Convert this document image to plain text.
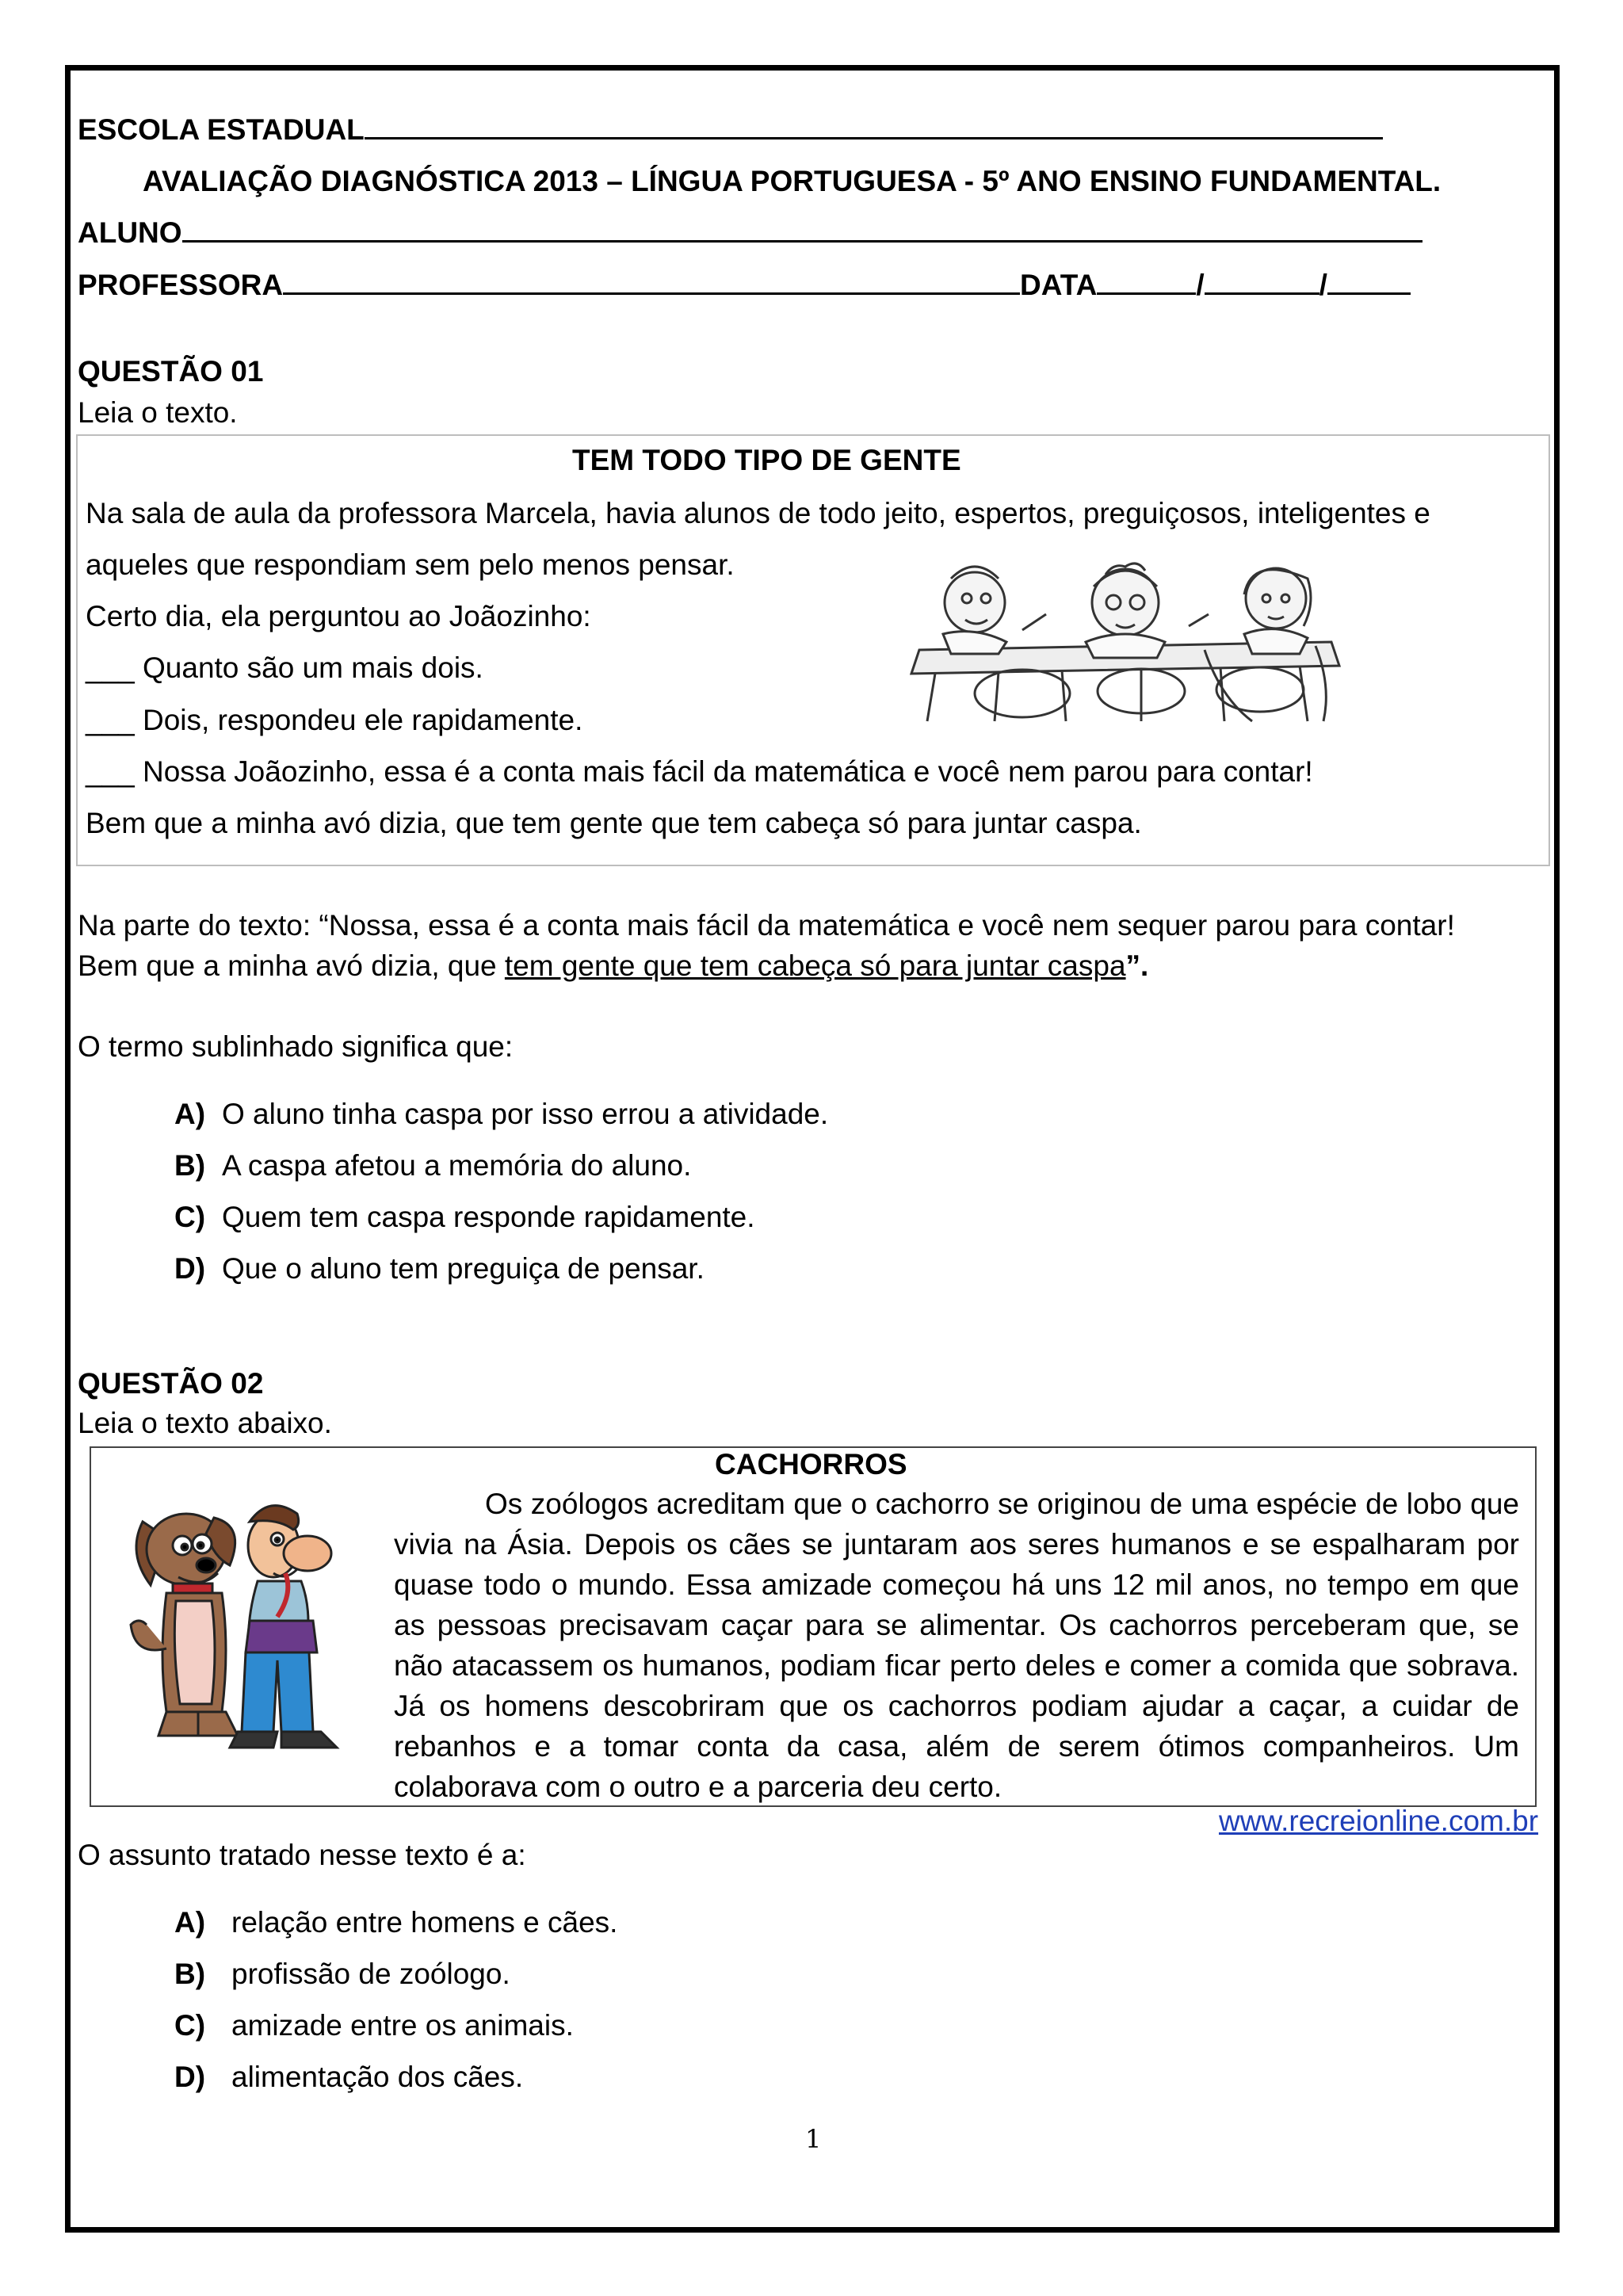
ESCOLA ESTADUAL
AVALIAÇÃO DIAGNÓSTICA 2013 – LÍNGUA PORTUGUESA - 5º ANO ENSINO FUNDAMENTAL.
ALUNO
PROFESSORA	DATA	/	/
QUESTÃO 01
Leia o texto.
TEM TODO TIPO DE GENTE
Na sala de aula da professora Marcela, havia alunos de todo jeito, espertos, preguiçosos, inteligentes e
aqueles que respondiam sem pelo menos pensar.
Certo dia, ela perguntou ao Joãozinho:
___ Quanto são um mais dois.
___ Dois, respondeu ele rapidamente.
___ Nossa Joãozinho, essa é a conta mais fácil da matemática e você nem parou para contar!
Bem que a minha avó dizia, que tem gente que tem cabeça só para juntar caspa.
Na parte do texto: “Nossa, essa é a conta mais fácil da matemática e você nem sequer parou para contar!
Bem que a minha avó dizia, que tem gente que tem cabeça só para juntar caspa”.
O termo sublinhado significa que:
A) O aluno tinha caspa por isso errou a atividade.
B) A caspa afetou a memória do aluno.
C) Quem tem caspa responde rapidamente.
D) Que o aluno tem preguiça de pensar.
QUESTÃO 02
Leia o texto abaixo.
CACHORROS
Os zoólogos acreditam que o cachorro se originou de uma espécie de lobo que vivia na Ásia. Depois os cães se juntaram aos seres humanos e se espalharam por quase todo o mundo. Essa amizade começou há uns 12 mil anos, no tempo em que as pessoas precisavam caçar para se alimentar. Os cachorros perceberam que, se não atacassem os humanos, podiam ficar perto deles e comer a comida que sobrava. Já os homens descobriram que os cachorros podiam ajudar a caçar, a cuidar de rebanhos e a tomar conta da casa, além de serem ótimos companheiros. Um colaborava com o outro e a parceria deu certo.
www.recreionline.com.br
O assunto tratado nesse texto é a:
A) relação entre homens e cães.
B) profissão de zoólogo.
C) amizade entre os animais.
D) alimentação dos cães.
1
